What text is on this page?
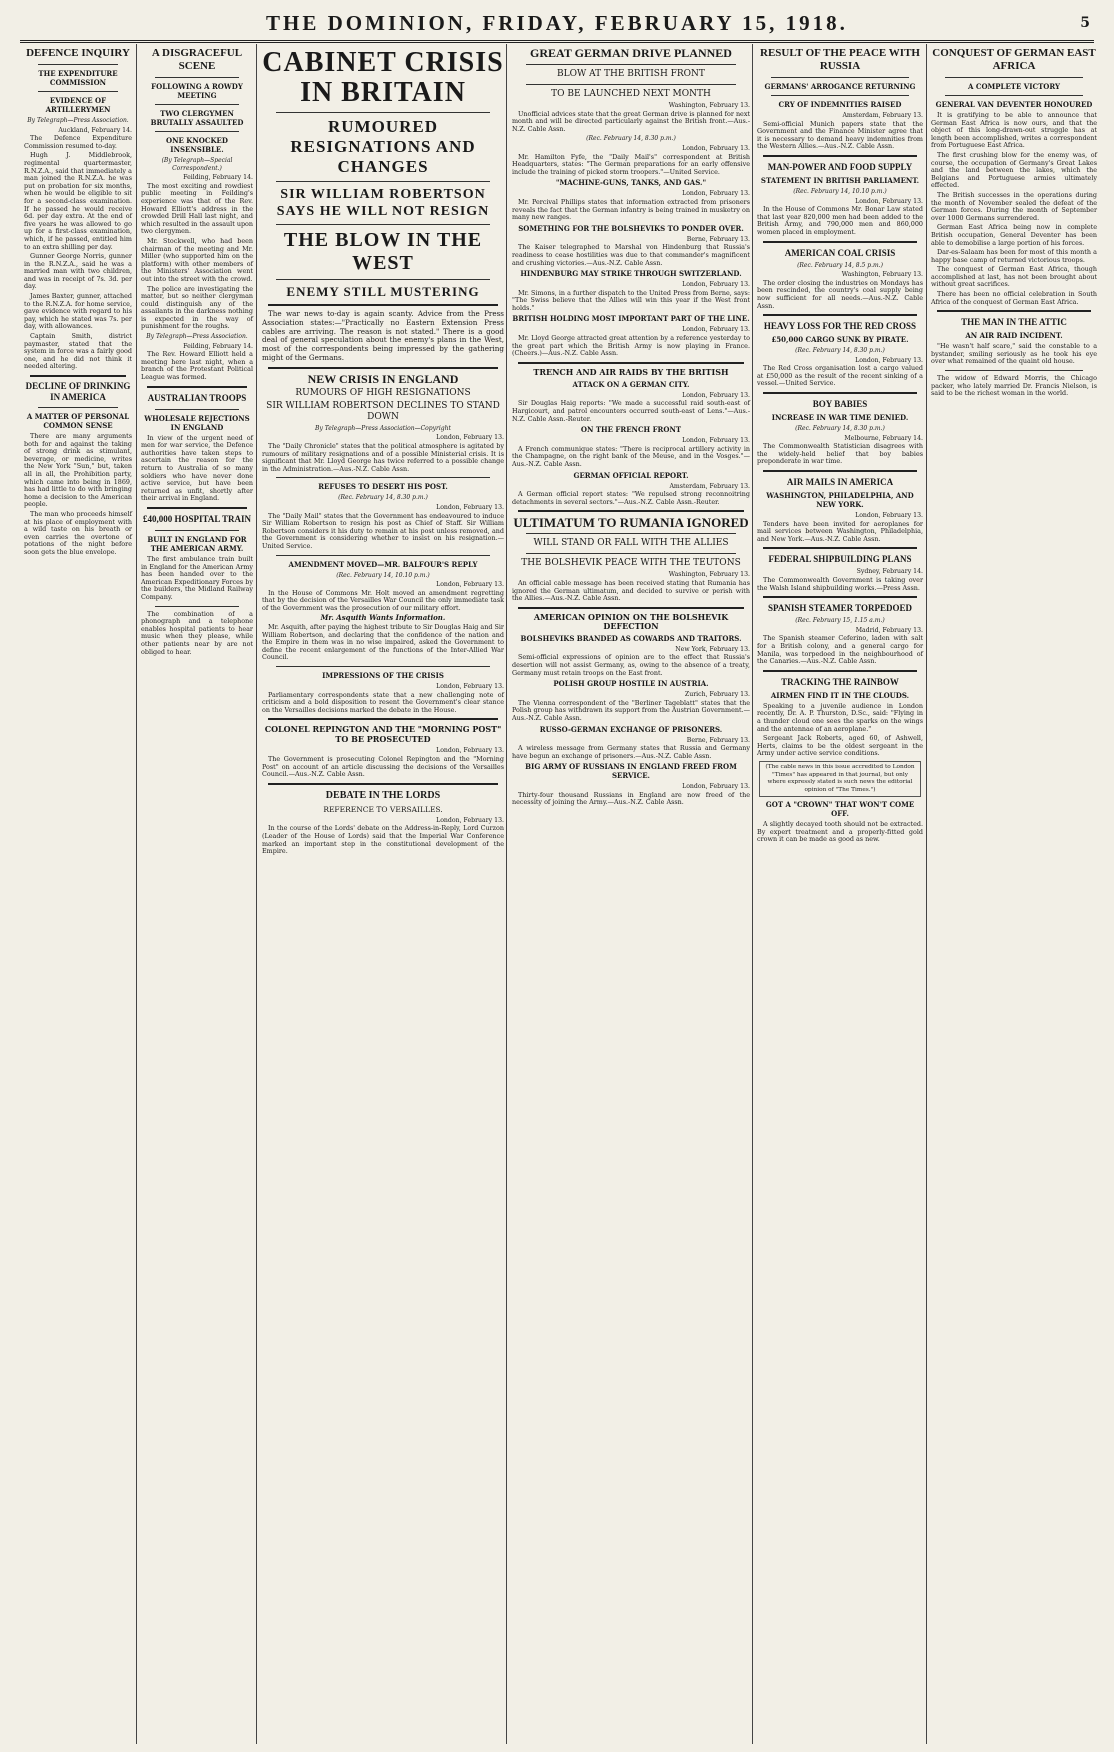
THE DOMINION, FRIDAY, FEBRUARY 15, 1918.	5
DEFENCE INQUIRY
THE EXPENDITURE COMMISSION
EVIDENCE OF ARTILLERYMEN
By Telegraph—Press Association.
Auckland, February 14.

The Defence Expenditure Commission resumed to-day.

Hugh J. Middlebrook, regimental quartermaster, R.N.Z.A., said that immediately a man joined the R.N.Z.A. he was put on probation for six months, when he would be eligible to sit for a second-class examination. If he passed he would receive 6d. per day extra. At the end of five years he was allowed to go up for a first-class examination, which, if he passed, entitled him to an extra shilling per day.

Gunner George Norris, gunner in the R.N.Z.A., said he was a married man with two children, and was in receipt of 7s. 3d. per day.

James Baxter, gunner, attached to the R.N.Z.A. for home service, gave evidence with regard to his pay, which he stated was 7s. per day, with allowances.

Captain Smith, district paymaster, stated that the system in force was a fairly good one, and he did not think it needed altering.

DECLINE OF DRINKING IN AMERICA
A MATTER OF PERSONAL COMMON SENSE

There are many arguments both for and against the taking of strong drink as stimulant, beverage, or medicine, writes the New York "Sun," but, taken all in all, the Prohibition party, which came into being in 1869, has had little to do with bringing home a decision to the American people.

The man who proceeds himself at his place of employment with a wild taste on his breath or even carries the overtone of potations of the night before soon gets the blue envelope.

A DISGRACEFUL SCENE
FOLLOWING A ROWDY MEETING
TWO CLERGYMEN BRUTALLY ASSAULTED
ONE KNOCKED INSENSIBLE.
(By Telegraph—Special Correspondent.)
Feilding, February 14.

The most exciting and rowdiest public meeting in Feilding's experience was that of the Rev. Howard Elliott's address in the crowded Drill Hall last night, and which resulted in the assault upon two clergymen.

Mr. Stockwell, who had been chairman of the meeting and Mr. Miller (who supported him on the platform) with other members of the Ministers' Association went out into the street with the crowd.

The police are investigating the matter, but so neither clergyman could distinguish any of the assailants in the darkness nothing is expected in the way of punishment for the roughs.

By Telegraph—Press Association.
Feilding, February 14.

The Rev. Howard Elliott held a meeting here last night, when a branch of the Protestant Political League was formed.

AUSTRALIAN TROOPS
WHOLESALE REJECTIONS IN ENGLAND

In view of the urgent need of men for war service, the Defence authorities have taken steps to ascertain the reason for the return to Australia of so many soldiers who have never done active service, but have been returned as unfit, shortly after their arrival in England.

£40,000 HOSPITAL TRAIN
BUILT IN ENGLAND FOR THE AMERICAN ARMY.

The first ambulance train built in England for the American Army has been handed over to the American Expeditionary Forces by the builders, the Midland Railway Company.

The combination of a phonograph and a telephone enables hospital patients to hear music when they please, while other patients near by are not obliged to hear.

CABINET CRISIS IN BRITAIN
RUMOURED RESIGNATIONS AND CHANGES
SIR WILLIAM ROBERTSON SAYS HE WILL NOT RESIGN
THE BLOW IN THE WEST
ENEMY STILL MUSTERING

The war news to-day is again scanty. Advice from the Press Association states:—"Practically no Eastern Extension Press cables are arriving. The reason is not stated." There is a good deal of general speculation about the enemy's plans in the West, most of the correspondents being impressed by the gathering might of the Germans.

NEW CRISIS IN ENGLAND
RUMOURS OF HIGH RESIGNATIONS
SIR WILLIAM ROBERTSON DECLINES TO STAND DOWN
By Telegraph—Press Association—Copyright
London, February 13.

The "Daily Chronicle" states that the political atmosphere is agitated by rumours of military resignations and of a possible Ministerial crisis. It is significant that Mr. Lloyd George has twice referred to a possible change in the Administration.—Aus.-N.Z. Cable Assn.

REFUSES TO DESERT HIS POST.
(Rec. February 14, 8.30 p.m.)
London, February 13.

The "Daily Mail" states that the Government has endeavoured to induce Sir William Robertson to resign his post as Chief of Staff. Sir William Robertson considers it his duty to remain at his post unless removed, and the Government is considering whether to insist on his resignation.—United Service.

AMENDMENT MOVED—MR. BALFOUR'S REPLY
(Rec. February 14, 10.10 p.m.)
London, February 13.

In the House of Commons Mr. Holt moved an amendment regretting that by the decision of the Versailles War Council the only immediate task of the Government was the prosecution of our military effort.

Mr. Asquith Wants Information.

Mr. Asquith, after paying the highest tribute to Sir Douglas Haig and Sir William Robertson, and declaring that the confidence of the nation and the Empire in them was in no wise impaired, asked the Government to define the recent enlargement of the functions of the Inter-Allied War Council.

IMPRESSIONS OF THE CRISIS
London, February 13.

Parliamentary correspondents state that a new challenging note of criticism and a bold disposition to resent the Government's clear stance on the Versailles decisions marked the debate in the House.

COLONEL REPINGTON AND THE "MORNING POST" TO BE PROSECUTED
London, February 13.

The Government is prosecuting Colonel Repington and the "Morning Post" on account of an article discussing the decisions of the Versailles Council.—Aus.-N.Z. Cable Assn.

DEBATE IN THE LORDS
REFERENCE TO VERSAILLES.
London, February 13.

In the course of the Lords' debate on the Address-in-Reply, Lord Curzon (Leader of the House of Lords) said that the Imperial War Conference marked an important step in the constitutional development of the Empire.

GREAT GERMAN DRIVE PLANNED
BLOW AT THE BRITISH FRONT
TO BE LAUNCHED NEXT MONTH
Washington, February 13.

Unofficial advices state that the great German drive is planned for next month and will be directed particularly against the British front.—Aus.-N.Z. Cable Assn.

(Rec. February 14, 8.30 p.m.)
London, February 13.

Mr. Hamilton Fyfe, the "Daily Mail's" correspondent at British Headquarters, states: "The German preparations for an early offensive include the training of picked storm troopers."—United Service.

"MACHINE-GUNS, TANKS, AND GAS."
London, February 13.

Mr. Percival Phillips states that information extracted from prisoners reveals the fact that the German infantry is being trained in musketry on many new ranges.

SOMETHING FOR THE BOLSHEVIKS TO PONDER OVER.
Berne, February 13.

The Kaiser telegraphed to Marshal von Hindenburg that Russia's readiness to cease hostilities was due to that commander's magnificent and crushing victories.—Aus.-N.Z. Cable Assn.

HINDENBURG MAY STRIKE THROUGH SWITZERLAND.
London, February 13.

Mr. Simons, in a further dispatch to the United Press from Berne, says: "The Swiss believe that the Allies will win this year if the West front holds."

BRITISH HOLDING MOST IMPORTANT PART OF THE LINE.
London, February 13.

Mr. Lloyd George attracted great attention by a reference yesterday to the great part which the British Army is now playing in France. (Cheers.)—Aus.-N.Z. Cable Assn.

TRENCH AND AIR RAIDS BY THE BRITISH
ATTACK ON A GERMAN CITY.
London, February 13.

Sir Douglas Haig reports: "We made a successful raid south-east of Hargicourt, and patrol encounters occurred south-east of Lens."—Aus.-N.Z. Cable Assn.-Reuter.

ON THE FRENCH FRONT
London, February 13.

A French communique states: "There is reciprocal artillery activity in the Champagne, on the right bank of the Meuse, and in the Vosges."—Aus.-N.Z. Cable Assn.

GERMAN OFFICIAL REPORT.
Amsterdam, February 13.

A German official report states: "We repulsed strong reconnoitring detachments in several sectors."—Aus.-N.Z. Cable Assn.-Reuter.

ULTIMATUM TO RUMANIA IGNORED
WILL STAND OR FALL WITH THE ALLIES
THE BOLSHEVIK PEACE WITH THE TEUTONS
Washington, February 13.

An official cable message has been received stating that Rumania has ignored the German ultimatum, and decided to survive or perish with the Allies.—Aus.-N.Z. Cable Assn.

AMERICAN OPINION ON THE BOLSHEVIK DEFECTION
BOLSHEVIKS BRANDED AS COWARDS AND TRAITORS.
New York, February 13.

Semi-official expressions of opinion are to the effect that Russia's desertion will not assist Germany, as, owing to the absence of a treaty, Germany must retain troops on the East front.

POLISH GROUP HOSTILE IN AUSTRIA.
Zurich, February 13.

The Vienna correspondent of the "Berliner Tageblatt" states that the Polish group has withdrawn its support from the Austrian Government.—Aus.-N.Z. Cable Assn.

RUSSO-GERMAN EXCHANGE OF PRISONERS.
Berne, February 13.

A wireless message from Germany states that Russia and Germany have begun an exchange of prisoners.—Aus.-N.Z. Cable Assn.

BIG ARMY OF RUSSIANS IN ENGLAND FREED FROM SERVICE.
London, February 13.

Thirty-four thousand Russians in England are now freed of the necessity of joining the Army.—Aus.-N.Z. Cable Assn.

RESULT OF THE PEACE WITH RUSSIA
GERMANS' ARROGANCE RETURNING
CRY OF INDEMNITIES RAISED
Amsterdam, February 13.

Semi-official Munich papers state that the Government and the Finance Minister agree that it is necessary to demand heavy indemnities from the Western Allies.—Aus.-N.Z. Cable Assn.

MAN-POWER AND FOOD SUPPLY
STATEMENT IN BRITISH PARLIAMENT.
(Rec. February 14, 10.10 p.m.)
London, February 13.

In the House of Commons Mr. Bonar Law stated that last year 820,000 men had been added to the British Army, and 790,000 men and 860,000 women placed in employment.

AMERICAN COAL CRISIS
(Rec. February 14, 8.5 p.m.)
Washington, February 13.

The order closing the industries on Mondays has been rescinded, the country's coal supply being now sufficient for all needs.—Aus.-N.Z. Cable Assn.

HEAVY LOSS FOR THE RED CROSS
£50,000 CARGO SUNK BY PIRATE.
(Rec. February 14, 8.30 p.m.)
London, February 13.

The Red Cross organisation lost a cargo valued at £50,000 as the result of the recent sinking of a vessel.—United Service.

BOY BABIES
INCREASE IN WAR TIME DENIED.
(Rec. February 14, 8.30 p.m.)
Melbourne, February 14.

The Commonwealth Statistician disagrees with the widely-held belief that boy babies preponderate in war time.

AIR MAILS IN AMERICA
WASHINGTON, PHILADELPHIA, AND NEW YORK.
London, February 13.

Tenders have been invited for aeroplanes for mail services between Washington, Philadelphia, and New York.—Aus.-N.Z. Cable Assn.

FEDERAL SHIPBUILDING PLANS
Sydney, February 14.

The Commonwealth Government is taking over the Walsh Island shipbuilding works.—Press Assn.

SPANISH STEAMER TORPEDOED
(Rec. February 15, 1.15 a.m.)
Madrid, February 13.

The Spanish steamer Ceferino, laden with salt for a British colony, and a general cargo for Manila, was torpedoed in the neighbourhood of the Canaries.—Aus.-N.Z. Cable Assn.

TRACKING THE RAINBOW
AIRMEN FIND IT IN THE CLOUDS.

Speaking to a juvenile audience in London recently, Dr. A. P. Thurston, D.Sc., said: "Flying in a thunder cloud one sees the sparks on the wings and the antennae of an aeroplane."

Sergeant Jack Roberts, aged 60, of Ashwell, Herts, claims to be the oldest sergeant in the Army under active service conditions.

(The cable news in this issue accredited to London "Times" has appeared in that journal, but only where expressly stated is such news the editorial opinion of "The Times.")
GOT A "CROWN" THAT WON'T COME OFF.

A slightly decayed tooth should not be extracted. By expert treatment and a properly-fitted gold crown it can be made as good as new.

CONQUEST OF GERMAN EAST AFRICA
A COMPLETE VICTORY
GENERAL VAN DEVENTER HONOURED

It is gratifying to be able to announce that German East Africa is now ours, and that the object of this long-drawn-out struggle has at length been accomplished, writes a correspondent from Portuguese East Africa.

The first crushing blow for the enemy was, of course, the occupation of Germany's Great Lakes and the land between the lakes, which the Belgians and Portuguese armies ultimately effected.

The British successes in the operations during the month of November sealed the defeat of the German forces. During the month of September over 1000 Germans surrendered.

German East Africa being now in complete British occupation, General Deventer has been able to demobilise a large portion of his forces.

Dar-es-Salaam has been for most of this month a happy base camp of returned victorious troops.

The conquest of German East Africa, though accomplished at last, has not been brought about without great sacrifices.

There has been no official celebration in South Africa of the conquest of German East Africa.

THE MAN IN THE ATTIC
AN AIR RAID INCIDENT.

"He wasn't half scare," said the constable to a bystander, smiling seriously as he took his eye over what remained of the quaint old house.

The widow of Edward Morris, the Chicago packer, who lately married Dr. Francis Nielson, is said to be the richest woman in the world.
